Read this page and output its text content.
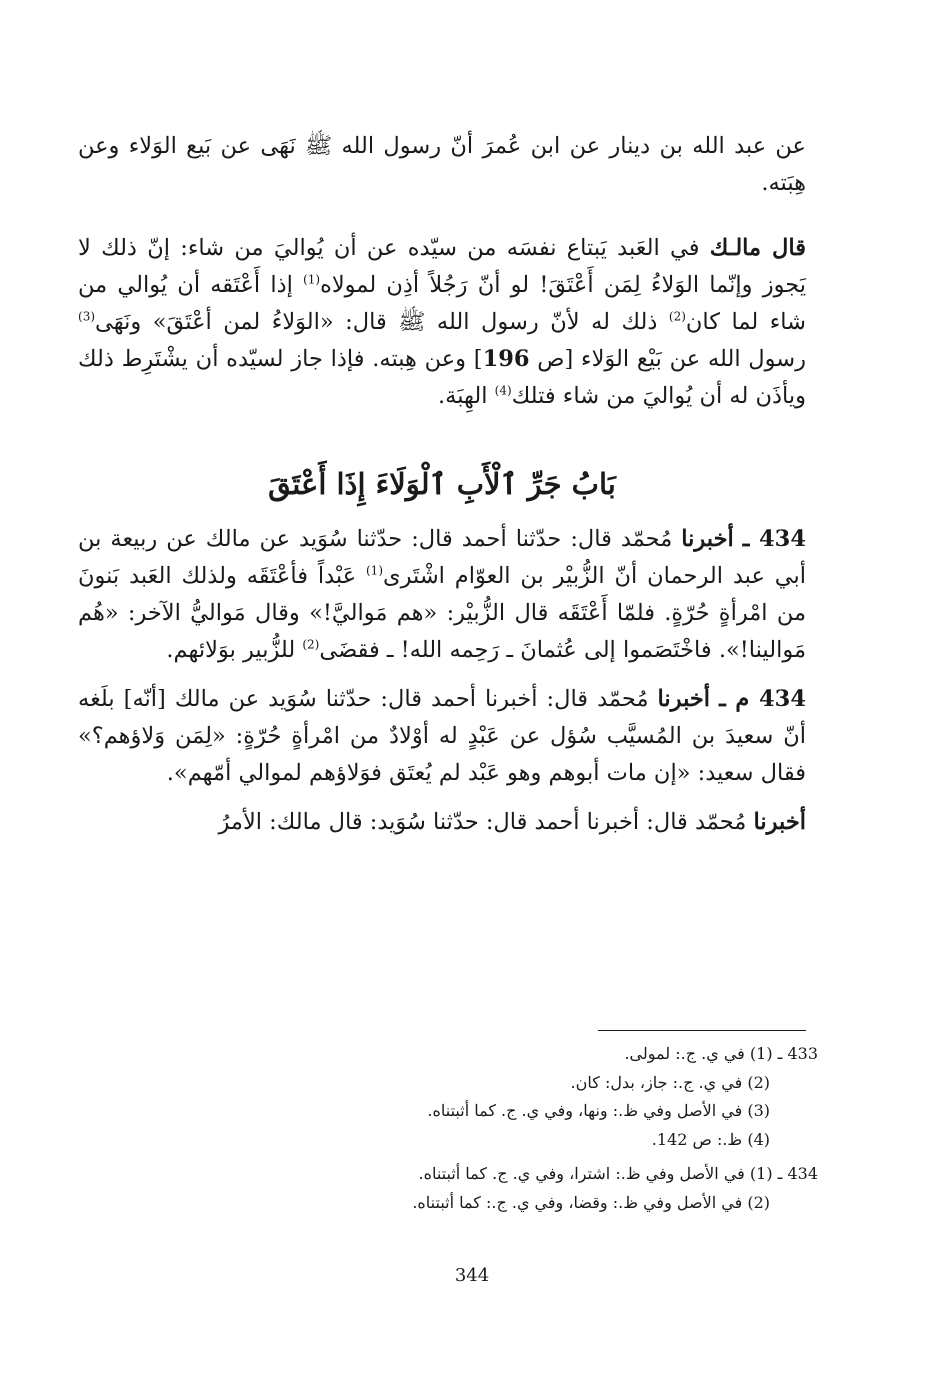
عن عبد الله بن دينار عن ابن عُمرَ أنّ رسول الله ﷺ نَهَى عن بَيع الوَلاء وعن هِبَته.

قال مالـك في العَبد يَبتاع نفسَه من سيّده عن أن يُواليَ من شاء: إنّ ذلك لا يَجوز وإنّما الوَلاءُ لِمَن أَعْتَقَ! لو أنّ رَجُلاً أذِن لمولاه$^{(1)}$ إذا أَعْتَقه أن يُوالي من شاء لما كان$^{(2)}$ ذلك له لأنّ رسول الله ﷺ قال: «الوَلاءُ لمن أعْتَقَ» ونَهَى$^{(3)}$ رسول الله عن بَيْع الوَلاء [ص 196] وعن هِبته. فإذا جاز لسيّده أن يشْتَرِط ذلك ويأذَن له أن يُواليَ من شاء فتلك$^{(4)}$ الهِبَة.

بَابُ جَرِّ ٱلْأَبِ ٱلْوَلَاءَ إِذَا أَعْتَقَ

434 ـ أخبرنا مُحمّد قال: حدّثنا أحمد قال: حدّثنا سُوَيد عن مالك عن ربيعة بن أبي عبد الرحمان أنّ الزُّبيْر بن العوّام اشْتَرى$^{(1)}$ عَبْداً فأعْتَقَه ولذلك العَبد بَنونَ من امْرأةٍ حُرّةٍ. فلمّا أَعْتَقَه قال الزُّبيْر: «هم مَواليَّ!» وقال مَواليُّ الآخر: «هُم مَوالينا!». فاخْتَصَموا إلى عُثمانَ ـ رَحِمه الله! ـ فقضَى$^{(2)}$ للزُّبير بوَلائهم.

434 م ـ أخبرنا مُحمّد قال: أخبرنا أحمد قال: حدّثنا سُوَيد عن مالك [أنّه] بلَغه أنّ سعيدَ بن المُسيَّب سُؤل عن عَبْدٍ له أوْلادٌ من امْرأةٍ حُرّةٍ: «لِمَن وَلاؤهم؟» فقال سعيد: «إن مات أبوهم وهو عَبْد لم يُعتَق فوَلاؤهم لموالي أمّهم».

أخبرنا مُحمّد قال: أخبرنا أحمد قال: حدّثنا سُوَيد: قال مالك: الأمرُ

433 ـ (1) في ي. ج.: لمولى.

(2) في ي. ج.: جاز، بدل: كان.

(3) في الأصل وفي ظ.: ونها، وفي ي. ج. كما أثبتناه.

(4) ظ.: ص 142.

434 ـ (1) في الأصل وفي ظ.: اشترا، وفي ي. ج. كما أثبتناه.

(2) في الأصل وفي ظ.: وقضا، وفي ي. ج.: كما أثبتناه.

344
